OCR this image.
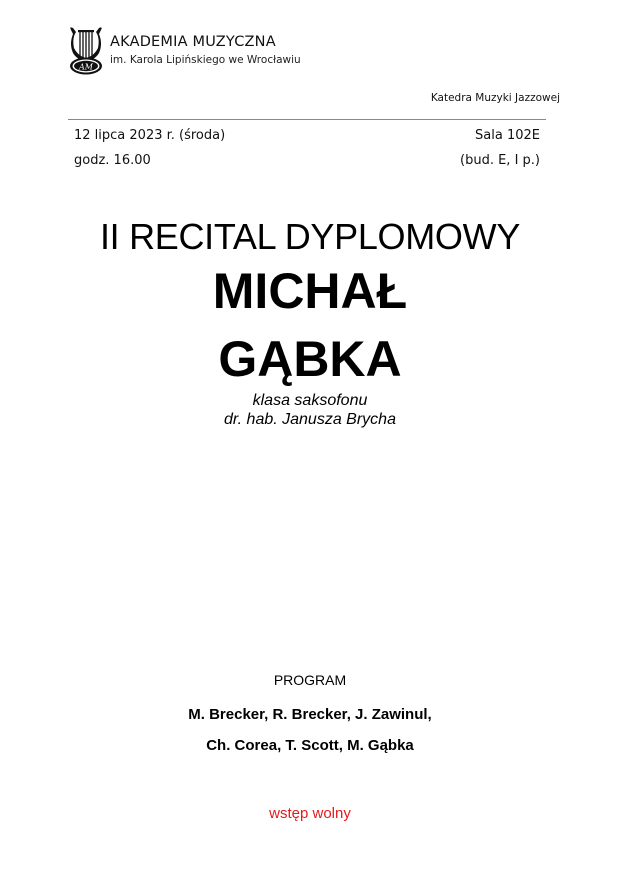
AM
AKADEMIA MUZYCZNA
im. Karola Lipińskiego we Wrocławiu
Katedra Muzyki Jazzowej
12 lipca 2023 r. (środa)
godz. 16.00
Sala 102E
(bud. E, I p.)
II RECITAL DYPLOMOWY
MICHAŁ
GĄBKA
klasa saksofonu
dr. hab. Janusza Brycha
PROGRAM
M. Brecker, R. Brecker, J. Zawinul,
Ch. Corea, T. Scott, M. Gąbka
wstęp wolny
